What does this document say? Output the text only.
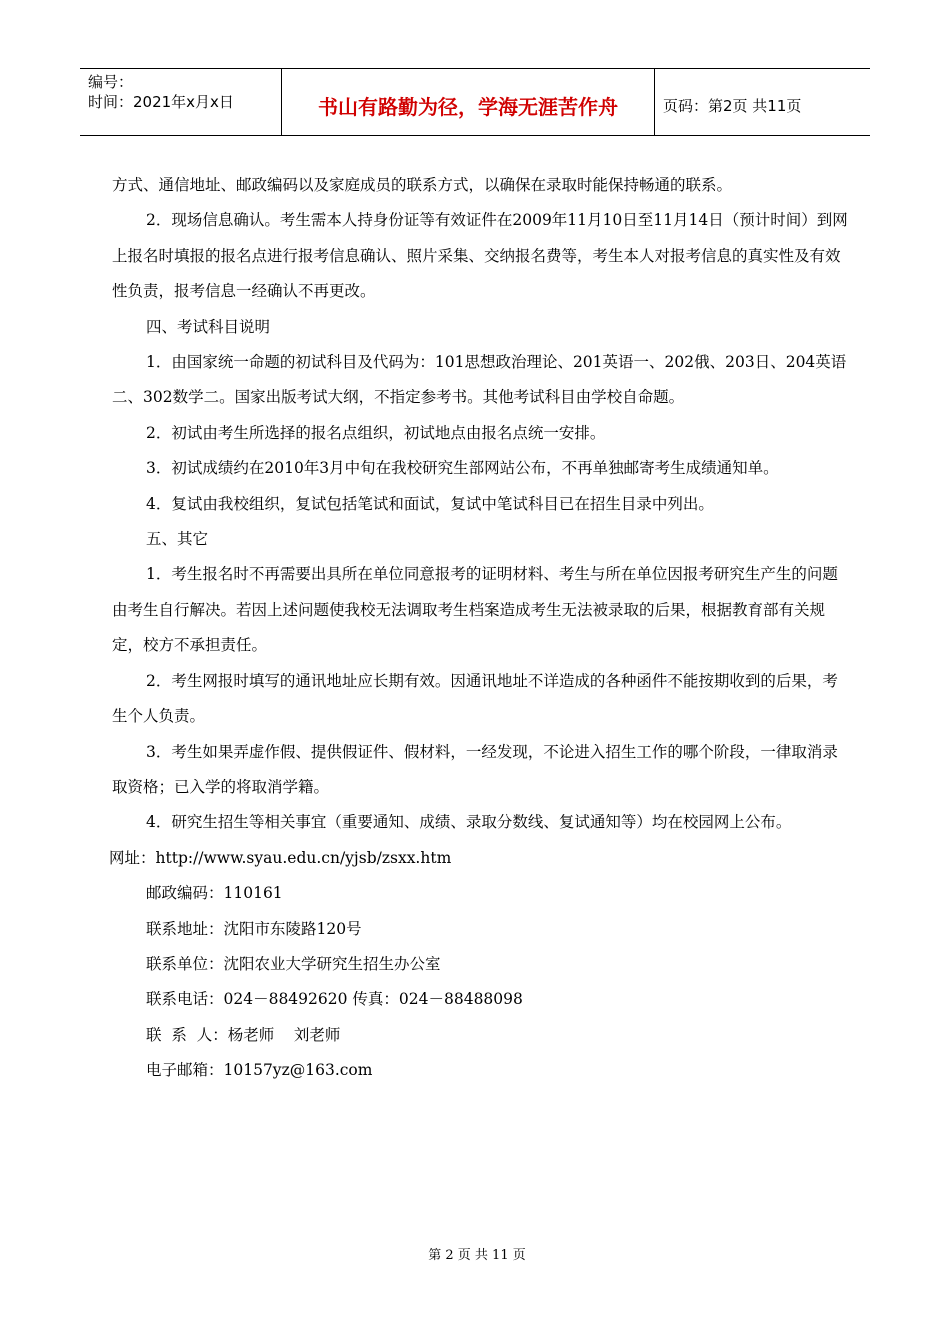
编号：
时间：2021年x月x日	书山有路勤为径，学海无涯苦作舟	页码：第2页 共11页

方式、通信地址、邮政编码以及家庭成员的联系方式，以确保在录取时能保持畅通的联系。

2．现场信息确认。考生需本人持身份证等有效证件在2009年11月10日至11月14日（预计时间）到网上报名时填报的报名点进行报考信息确认、照片采集、交纳报名费等，考生本人对报考信息的真实性及有效性负责，报考信息一经确认不再更改。

四、考试科目说明

1．由国家统一命题的初试科目及代码为：101思想政治理论、201英语一、202俄、203日、204英语二、302数学二。国家出版考试大纲，不指定参考书。其他考试科目由学校自命题。

2．初试由考生所选择的报名点组织，初试地点由报名点统一安排。

3．初试成绩约在2010年3月中旬在我校研究生部网站公布，不再单独邮寄考生成绩通知单。

4．复试由我校组织，复试包括笔试和面试，复试中笔试科目已在招生目录中列出。

五、其它

1．考生报名时不再需要出具所在单位同意报考的证明材料、考生与所在单位因报考研究生产生的问题由考生自行解决。若因上述问题使我校无法调取考生档案造成考生无法被录取的后果，根据教育部有关规定，校方不承担责任。

2．考生网报时填写的通讯地址应长期有效。因通讯地址不详造成的各种函件不能按期收到的后果，考生个人负责。

3．考生如果弄虚作假、提供假证件、假材料，一经发现，不论进入招生工作的哪个阶段，一律取消录取资格；已入学的将取消学籍。

4．研究生招生等相关事宜（重要通知、成绩、录取分数线、复试通知等）均在校园网上公布。

网址：http://www.syau.edu.cn/yjsb/zsxx.htm

邮政编码：110161

联系地址：沈阳市东陵路120号

联系单位：沈阳农业大学研究生招生办公室

联系电话：024－88492620 传真：024－88488098

联  系  人：杨老师    刘老师

电子邮箱：10157yz@163.com

第 2 页 共 11 页
